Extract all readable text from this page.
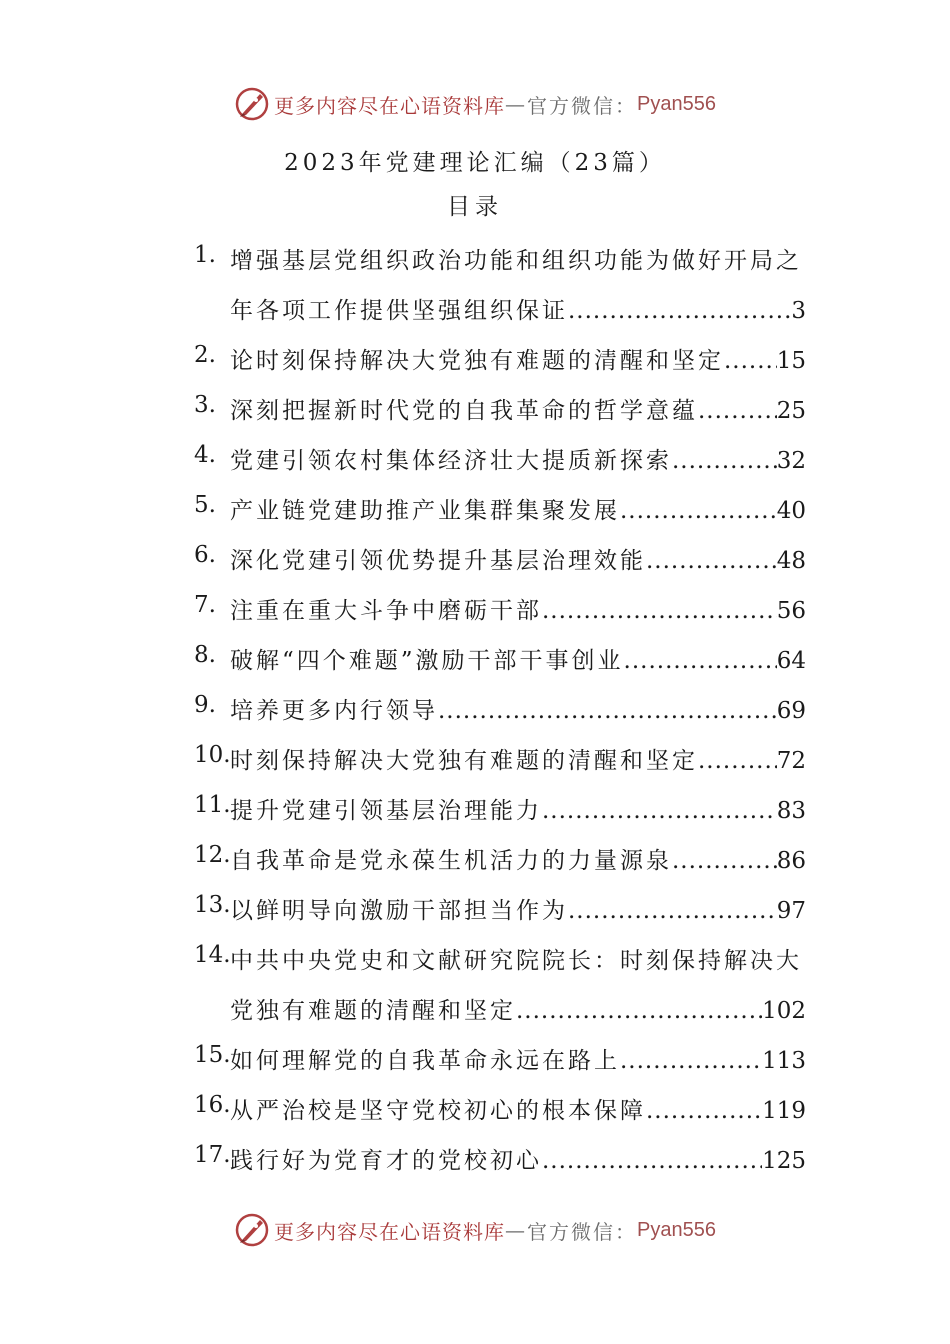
更多内容尽在心语资料库 — 官方微信： Pyan556
2023年党建理论汇编（23篇）
目录
1. 增强基层党组织政治功能和组织功能为做好开局之
年各项工作提供坚强组织保证 .....	3
2. 论时刻保持解决大党独有难题的清醒和坚定 ..... 15
3. 深刻把握新时代党的自我革命的哲学意蕴 .....	25
4. 党建引领农村集体经济壮大提质新探索 .....	32
5. 产业链党建助推产业集群集聚发展 .....	40
6. 深化党建引领优势提升基层治理效能 .....	48
7. 注重在重大斗争中磨砺干部 .....	56
8. 破解“四个难题”激励干部干事创业 .....	64
9. 培养更多内行领导 .....	69
10. 时刻保持解决大党独有难题的清醒和坚定 .....	72
11. 提升党建引领基层治理能力 .....	83
12. 自我革命是党永葆生机活力的力量源泉 .....	86
13. 以鲜明导向激励干部担当作为 .....	97
14. 中共中央党史和文献研究院院长：时刻保持解决大
党独有难题的清醒和坚定 .....	102
15. 如何理解党的自我革命永远在路上 .....	113
16. 从严治校是坚守党校初心的根本保障 .....	119
17. 践行好为党育才的党校初心 .....	125
更多内容尽在心语资料库 — 官方微信： Pyan556
